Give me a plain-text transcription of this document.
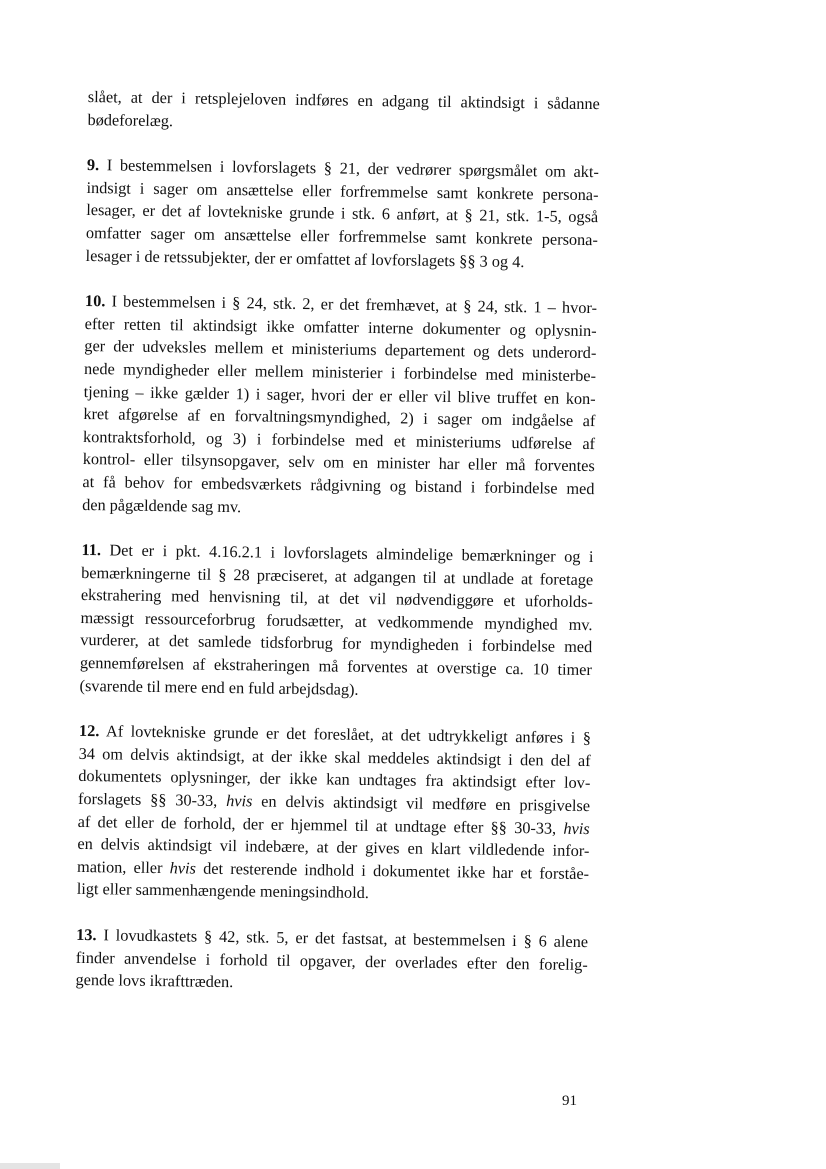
slået, at der i retsplejeloven indføres en adgang til aktindsigt i sådanne
bødeforelæg.
9. I bestemmelsen i lovforslagets § 21, der vedrører spørgsmålet om akt-
indsigt i sager om ansættelse eller forfremmelse samt konkrete persona-
lesager, er det af lovtekniske grunde i stk. 6 anført, at § 21, stk. 1-5, også
omfatter sager om ansættelse eller forfremmelse samt konkrete persona-
lesager i de retssubjekter, der er omfattet af lovforslagets §§ 3 og 4.
10. I bestemmelsen i § 24, stk. 2, er det fremhævet, at § 24, stk. 1 – hvor-
efter retten til aktindsigt ikke omfatter interne dokumenter og oplysnin-
ger der udveksles mellem et ministeriums departement og dets underord-
nede myndigheder eller mellem ministerier i forbindelse med ministerbe-
tjening – ikke gælder 1) i sager, hvori der er eller vil blive truffet en kon-
kret afgørelse af en forvaltningsmyndighed, 2) i sager om indgåelse af
kontraktsforhold, og 3) i forbindelse med et ministeriums udførelse af
kontrol- eller tilsynsopgaver, selv om en minister har eller må forventes
at få behov for embedsværkets rådgivning og bistand i forbindelse med
den pågældende sag mv.
11. Det er i pkt. 4.16.2.1 i lovforslagets almindelige bemærkninger og i
bemærkningerne til § 28 præciseret, at adgangen til at undlade at foretage
ekstrahering med henvisning til, at det vil nødvendiggøre et uforholds-
mæssigt ressourceforbrug forudsætter, at vedkommende myndighed mv.
vurderer, at det samlede tidsforbrug for myndigheden i forbindelse med
gennemførelsen af ekstraheringen må forventes at overstige ca. 10 timer
(svarende til mere end en fuld arbejdsdag).
12. Af lovtekniske grunde er det foreslået, at det udtrykkeligt anføres i §
34 om delvis aktindsigt, at der ikke skal meddeles aktindsigt i den del af
dokumentets oplysninger, der ikke kan undtages fra aktindsigt efter lov-
forslagets §§ 30-33, hvis en delvis aktindsigt vil medføre en prisgivelse
af det eller de forhold, der er hjemmel til at undtage efter §§ 30-33, hvis
en delvis aktindsigt vil indebære, at der gives en klart vildledende infor-
mation, eller hvis det resterende indhold i dokumentet ikke har et forståe-
ligt eller sammenhængende meningsindhold.
13. I lovudkastets § 42, stk. 5, er det fastsat, at bestemmelsen i § 6 alene
finder anvendelse i forhold til opgaver, der overlades efter den forelig-
gende lovs ikrafttræden.
91
